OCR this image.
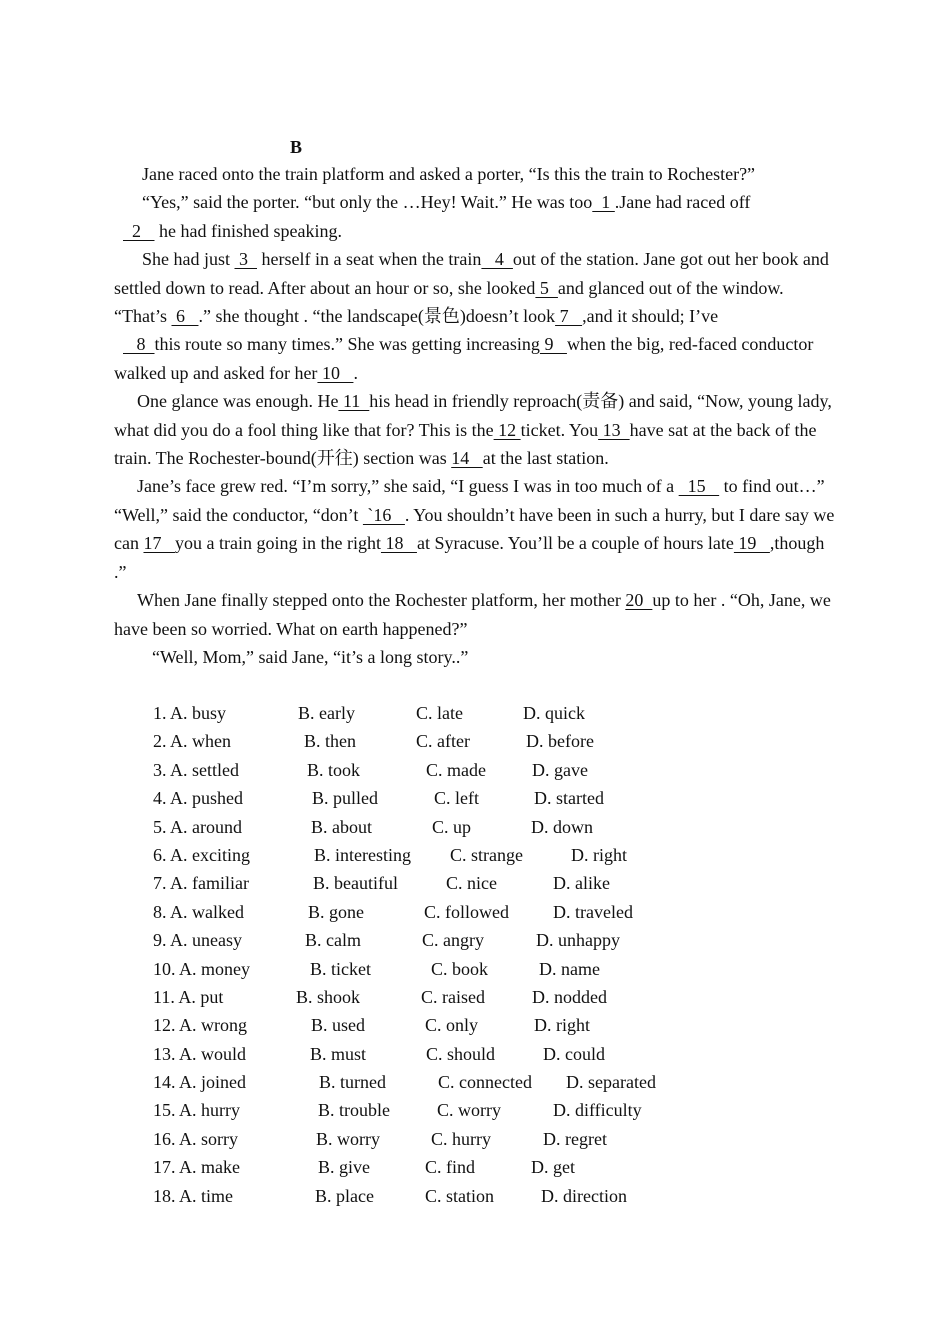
B

Jane raced onto the train platform and asked a porter, “Is this the train to Rochester?”

“Yes,” said the porter. “but only the …Hey! Wait.” He was too  1 .Jane had raced off
2    he had finished speaking.

She had just  3   herself in a seat when the train   4  out of the station. Jane got out her book and settled down to read. After about an hour or so, she looked 5  and glanced out of the window. “That’s  6   .” she thought . “the landscape(景色)doesn’t look 7   ,and it should; I’ve

8  this route so many times.” She was getting increasing 9   when the big, red-faced conductor walked up and asked for her 10   .

One glance was enough. He 11  his head in friendly reproach(责备) and said, “Now, young lady, what did you do a fool thing like that for? This is the 12 ticket. You 13  have sat at the back of the train. The Rochester-bound(开往) section was 14   at the last station.

Jane’s face grew red. “I’m sorry,” she said, “I guess I was in too much of a   15    to find out…” “Well,” said the conductor, “don’t  `16   . You shouldn’t have been in such a hurry, but I dare say we can 17   you a train going in the right 18   at Syracuse. You’ll be a couple of hours late 19   ,though .”

When Jane finally stepped onto the Rochester platform, her mother 20  up to her . “Oh, Jane, we have been so worried. What on earth happened?”

“Well, Mom,” said Jane, “it’s a long story..”

1. A. busy	B. early	C. late	D. quick
2. A. when	B. then	C. after	D. before
3. A. settled	B. took	C. made	D. gave
4. A. pushed	B. pulled	C. left	D. started
5. A. around	B. about	C. up	D. down
6. A. exciting	B. interesting C. strange	D. right
7. A. familiar	B. beautiful	C. nice	D. alike
8. A. walked	B. gone	C. followed D. traveled
9. A. uneasy	B. calm	C. angry	D. unhappy
10. A. money	B. ticket	C. book	D. name
11. A. put	B. shook	C. raised	D. nodded
12. A. wrong	B. used	C. only	D. right
13. A. would	B. must	C. should	D. could
14. A. joined	B. turned	C. connected D. separated
15. A. hurry	B. trouble	C. worry	D. difficulty
16. A. sorry	B. worry	C. hurry	D. regret
17. A. make	B. give	C. find	D. get
18. A. time	B. place	C. station	D. direction
